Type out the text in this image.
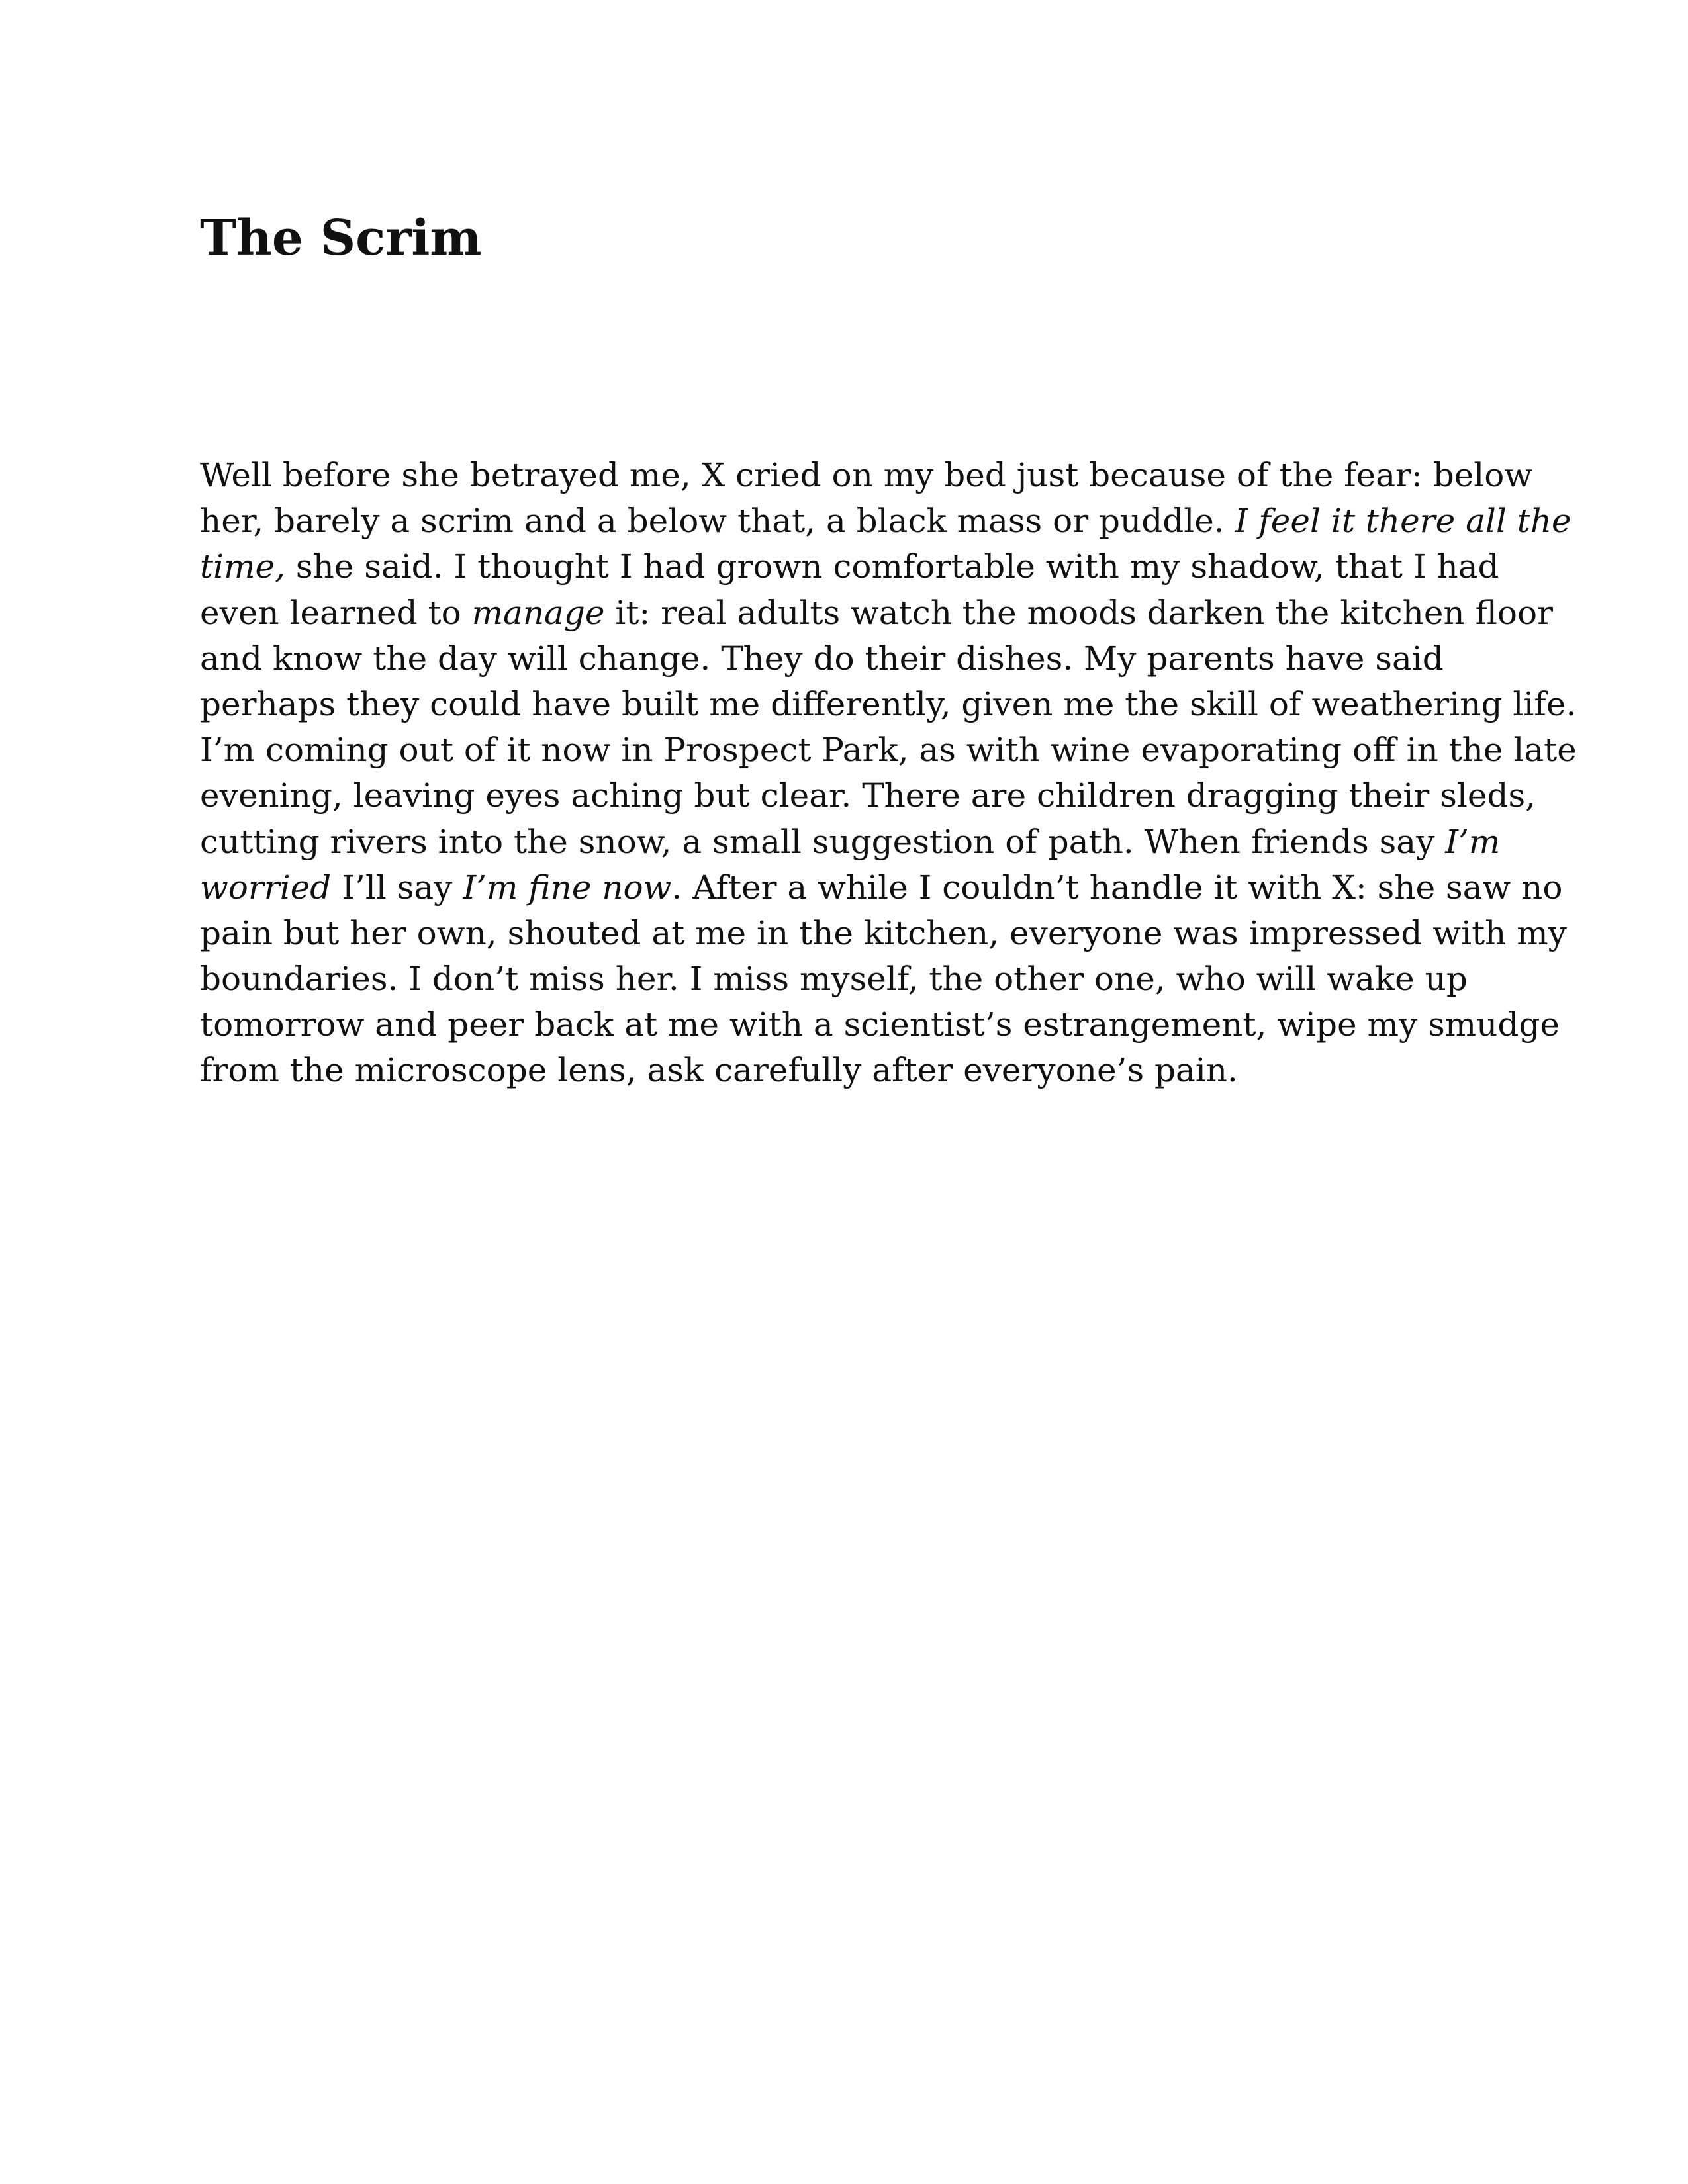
The Scrim
Well before she betrayed me, X cried on my bed just because of the fear: below
her, barely a scrim and a below that, a black mass or puddle. I feel it there all the
time, she said. I thought I had grown comfortable with my shadow, that I had
even learned to manage it: real adults watch the moods darken the kitchen floor
and know the day will change. They do their dishes. My parents have said
perhaps they could have built me differently, given me the skill of weathering life.
I’m coming out of it now in Prospect Park, as with wine evaporating off in the late
evening, leaving eyes aching but clear. There are children dragging their sleds,
cutting rivers into the snow, a small suggestion of path. When friends say I’m
worried I’ll say I’m fine now. After a while I couldn’t handle it with X: she saw no
pain but her own, shouted at me in the kitchen, everyone was impressed with my
boundaries. I don’t miss her. I miss myself, the other one, who will wake up
tomorrow and peer back at me with a scientist’s estrangement, wipe my smudge
from the microscope lens, ask carefully after everyone’s pain.
